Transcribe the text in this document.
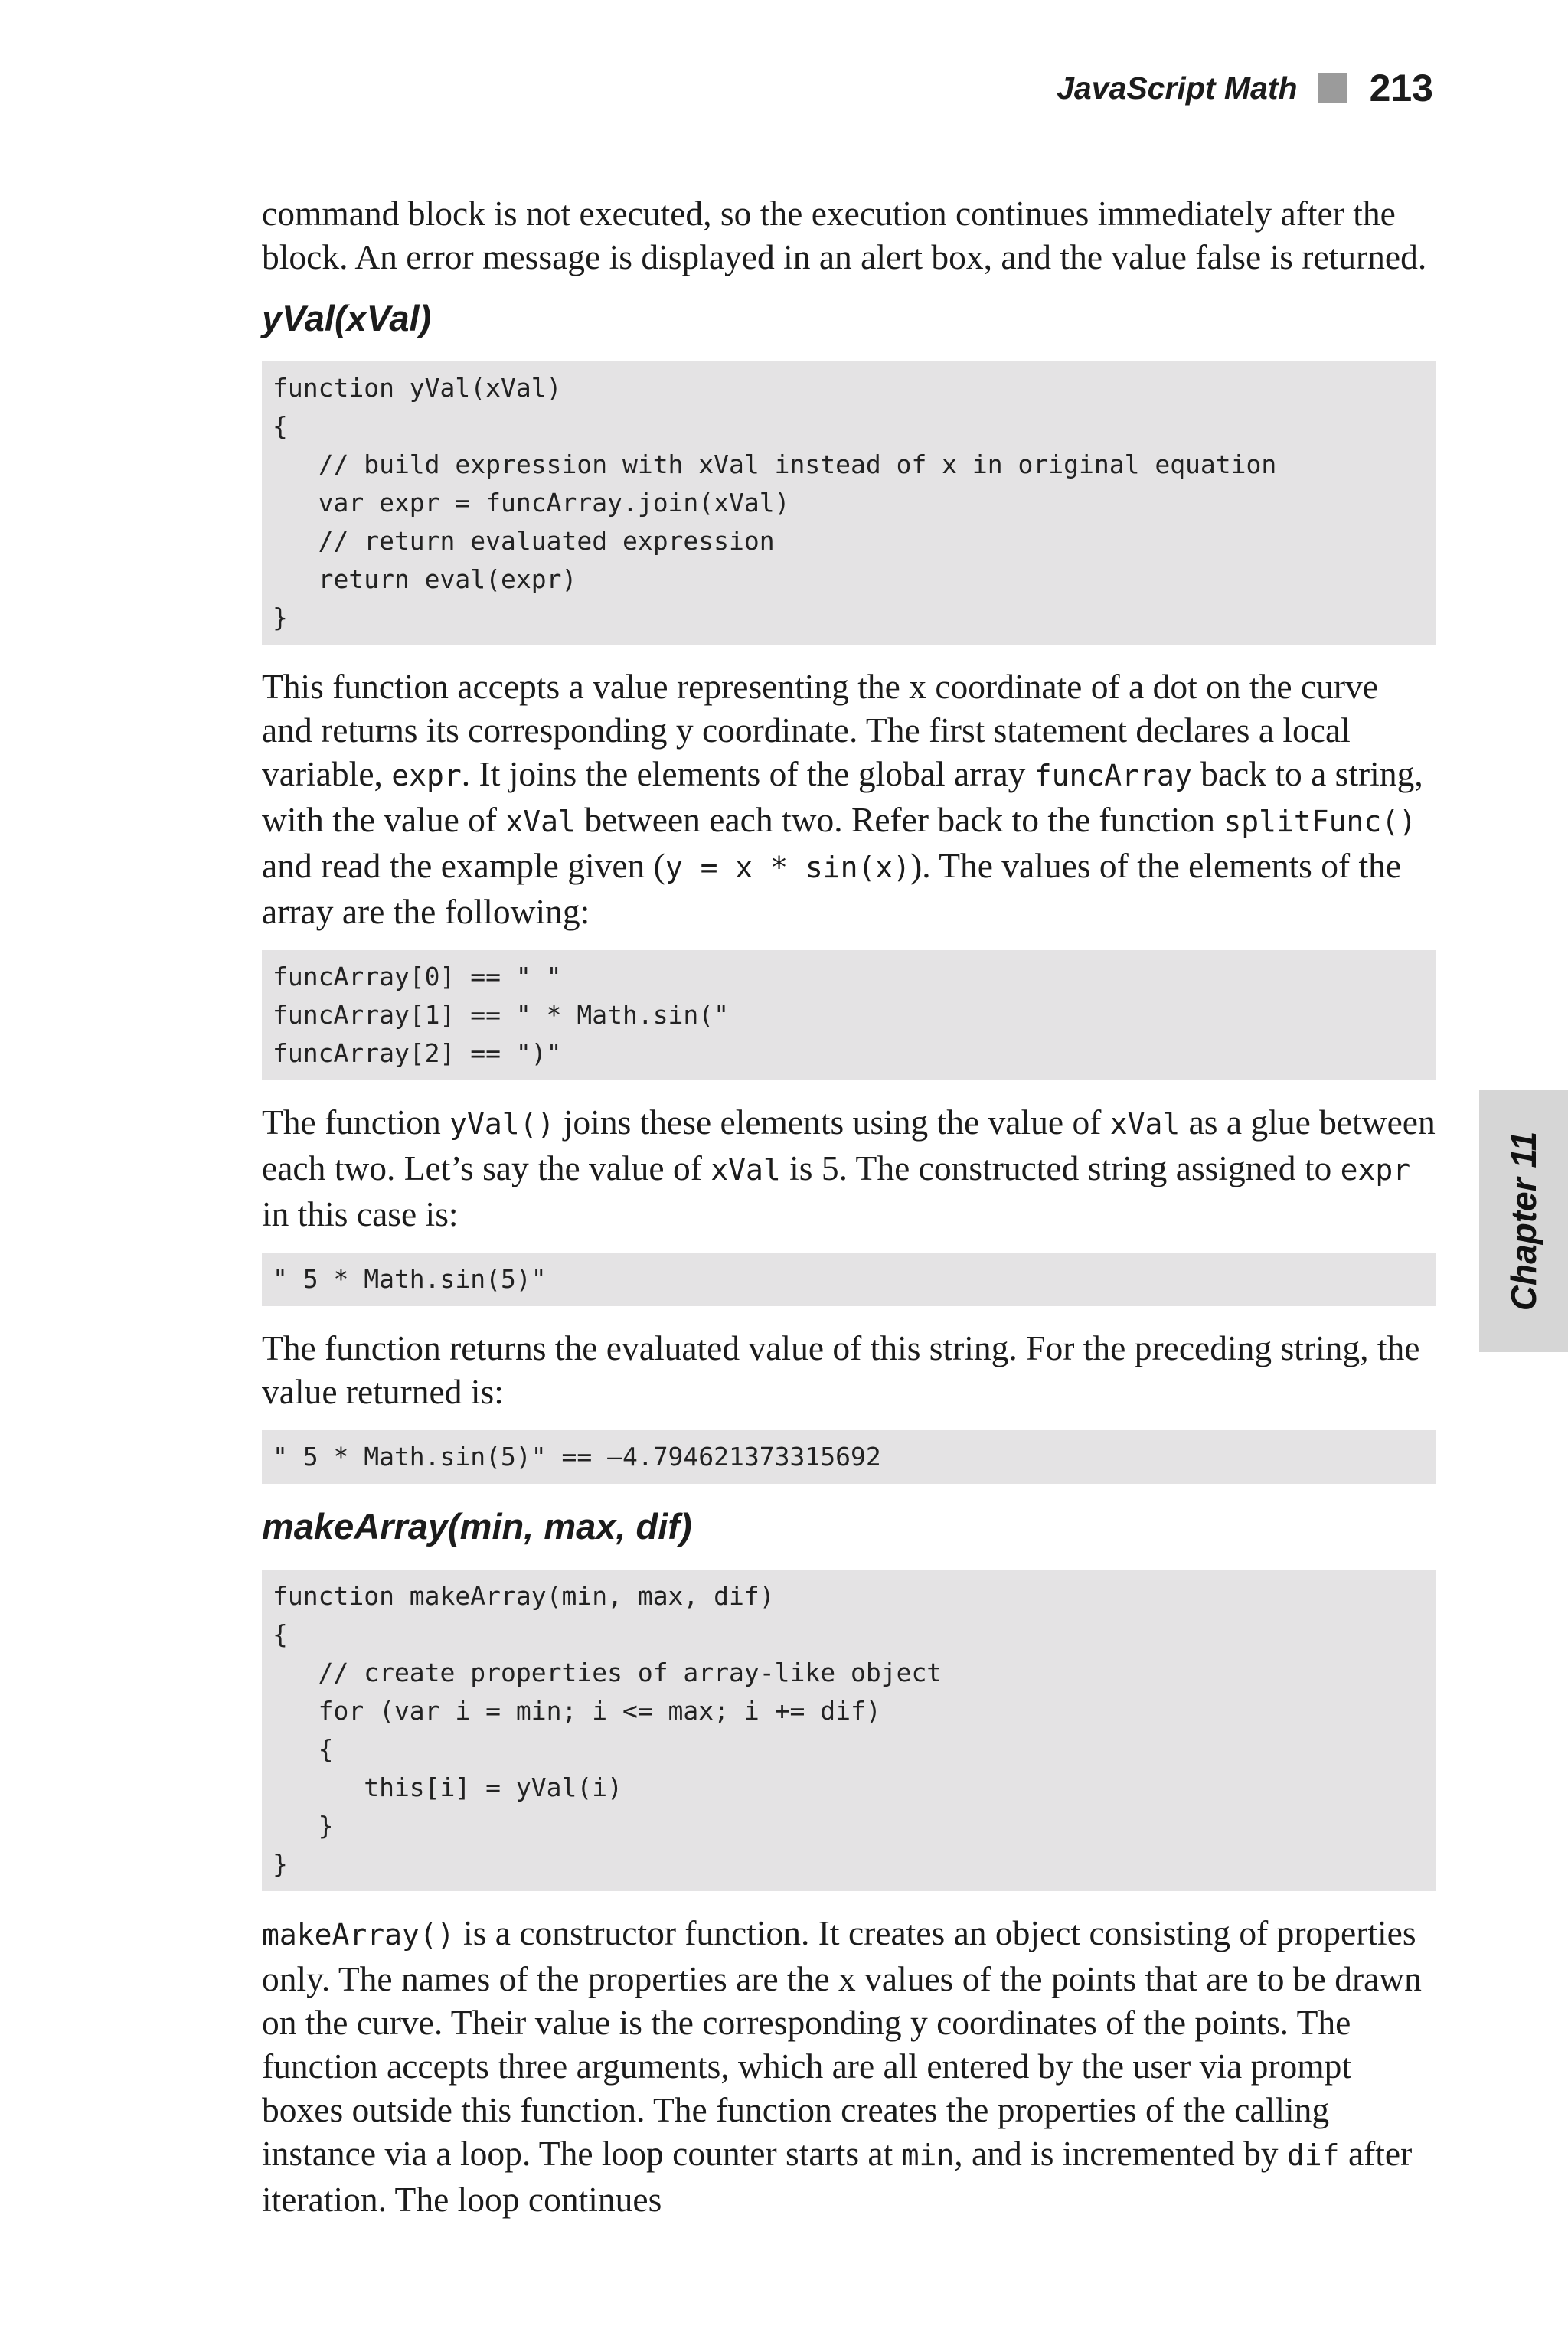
JavaScript Math 213
Chapter 11

command block is not executed, so the execution continues immediately after the block. An error message is displayed in an alert box, and the value false is returned.

yVal(xVal)
function yVal(xVal)
{
// build expression with xVal instead of x in original equation
var expr = funcArray.join(xVal)
// return evaluated expression
return eval(expr)
}

This function accepts a value representing the x coordinate of a dot on the curve and returns its corresponding y coordinate. The first statement declares a local variable, expr. It joins the elements of the global array funcArray back to a string, with the value of xVal between each two. Refer back to the function splitFunc() and read the example given (y = x * sin(x)). The values of the elements of the array are the following:

funcArray[0] == " "
funcArray[1] == " * Math.sin("
funcArray[2] == ")"

The function yVal() joins these elements using the value of xVal as a glue between each two. Let’s say the value of xVal is 5. The constructed string assigned to expr in this case is:

" 5 * Math.sin(5)"

The function returns the evaluated value of this string. For the preceding string, the value returned is:

" 5 * Math.sin(5)" == –4.794621373315692
makeArray(min, max, dif)
function makeArray(min, max, dif)
{
// create properties of array-like object
for (var i = min; i <= max; i += dif)
{
this[i] = yVal(i)
}
}

makeArray() is a constructor function. It creates an object consisting of properties only. The names of the properties are the x values of the points that are to be drawn on the curve. Their value is the corresponding y coordinates of the points. The function accepts three arguments, which are all entered by the user via prompt boxes outside this function. The function creates the properties of the calling instance via a loop. The loop counter starts at min, and is incremented by dif after iteration. The loop continues
